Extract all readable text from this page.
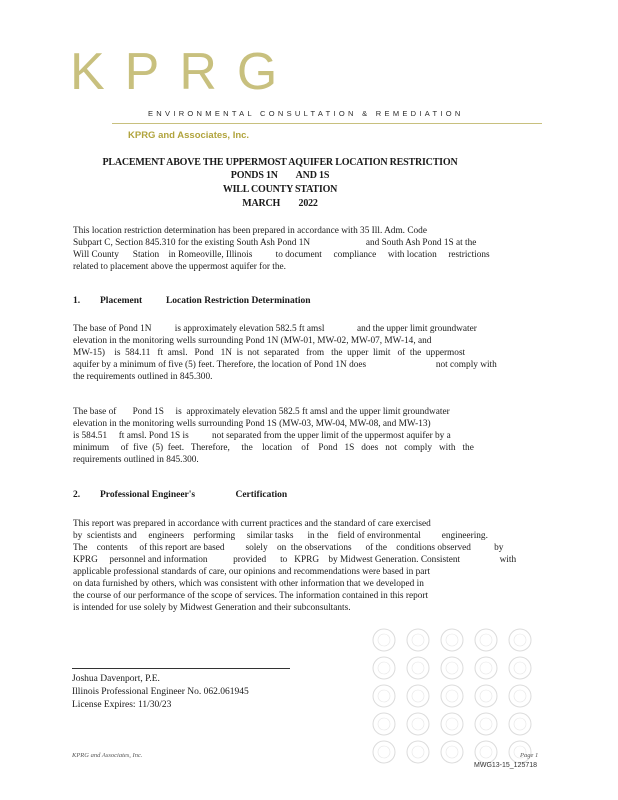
KPRG
ENVIRONMENTAL CONSULTATION & REMEDIATION
KPRG and Associates, Inc.
PLACEMENT ABOVE THE UPPERMOST AQUIFER LOCATION RESTRICTION
PONDS 1N        AND 1S
WILL COUNTY STATION
MARCH        2022
This location restriction determination has been prepared in accordance with 35 Ill. Adm. Code
Subpart C, Section 845.310 for the existing South Ash Pond 1N                        and South Ash Pond 1S at the
Will County      Station    in Romeoville, Illinois          to document     compliance     with location     restrictions
related to placement above the uppermost aquifer for the.
1. Placement          Location Restriction Determination
The base of Pond 1N          is approximately elevation 582.5 ft amsl              and the upper limit groundwater
elevation in the monitoring wells surrounding Pond 1N (MW-01, MW-02, MW-07, MW-14, and
MW-15)    is  584.11   ft  amsl.   Pond   1N  is  not  separated   from   the  upper  limit   of  the  uppermost
aquifer by a minimum of five (5) feet. Therefore, the location of Pond 1N does                              not comply with
the requirements outlined in 845.300.
The base of       Pond 1S     is  approximately elevation 582.5 ft amsl and the upper limit groundwater
elevation in the monitoring wells surrounding Pond 1S (MW-03, MW-04, MW-08, and MW-13)
is 584.51     ft amsl. Pond 1S is          not separated from the upper limit of the uppermost aquifer by a
minimum     of  five  (5)  feet.   Therefore,     the    location    of    Pond   1S   does   not   comply   with   the
requirements outlined in 845.300.
2. Professional Engineer's                 Certification
This report was prepared in accordance with current practices and the standard of care exercised
by  scientists and     engineers    performing     similar tasks      in the    field of environmental         engineering.
The    contents     of this report are based         solely    on  the observations      of the    conditions observed          by
KPRG     personnel and information           provided      to   KPRG    by Midwest Generation. Consistent                 with
applicable professional standards of care, our opinions and recommendations were based in part
on data furnished by others, which was consistent with other information that we developed in
the course of our performance of the scope of services. The information contained in this report
is intended for use solely by Midwest Generation and their subconsultants.
Joshua Davenport, P.E.
Illinois Professional Engineer No. 062.061945
License Expires: 11/30/23
KPRG and Associates, Inc.	Page 1
MWG13-15_125718
